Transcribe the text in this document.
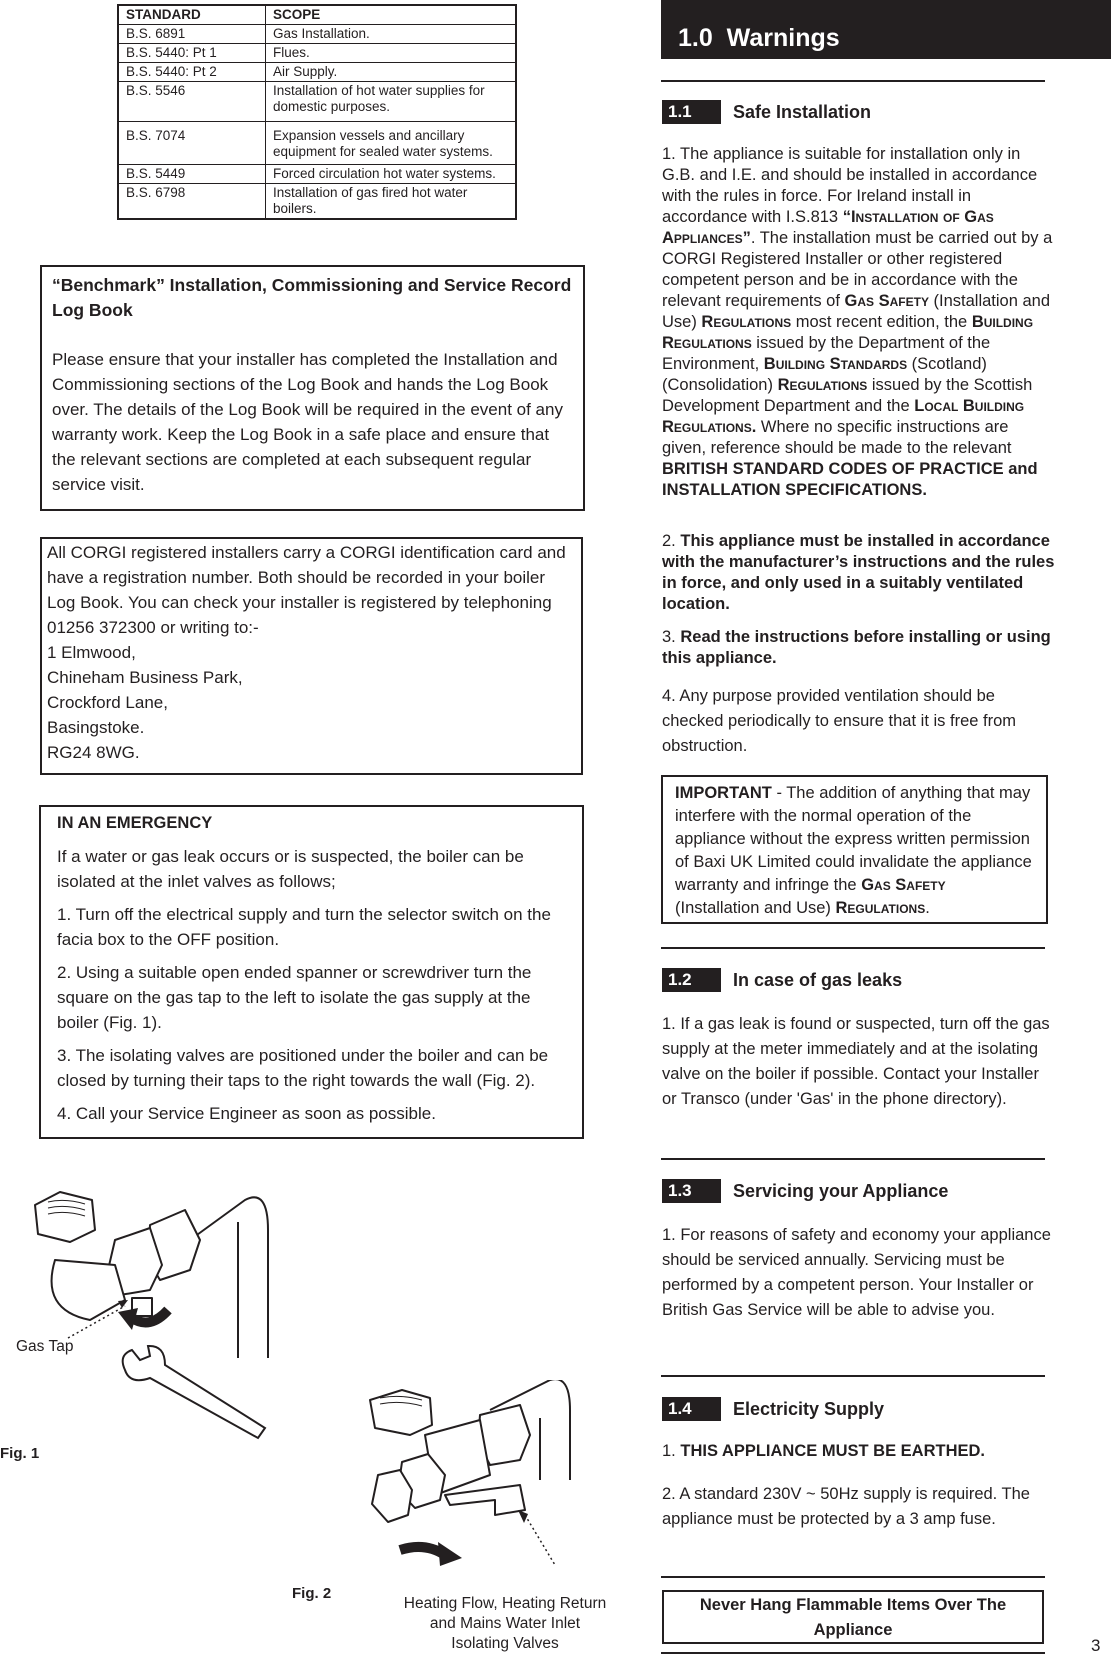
STANDARD	SCOPE
B.S. 6891	Gas Installation.
B.S. 5440: Pt 1	Flues.
B.S. 5440: Pt 2	Air Supply.
B.S. 5546	Installation of hot water supplies for domestic purposes.
B.S. 7074	Expansion vessels and ancillary equipment for sealed water systems.
B.S. 5449	Forced circulation hot water systems.
B.S. 6798	Installation of gas fired hot water boilers.

“Benchmark” Installation, Commissioning and Service Record Log Book

Please ensure that your installer has completed the Installation and Commissioning sections of the Log Book and hands the Log Book over. The details of the Log Book will be required in the event of any warranty work. Keep the Log Book in a safe place and ensure that the relevant sections are completed at each subsequent regular service visit.

All CORGI registered installers carry a CORGI identification card and have a registration number. Both should be recorded in your boiler Log Book. You can check your installer is registered by telephoning 01256 372300 or writing to:-

1 Elmwood,

Chineham Business Park,

Crockford Lane,

Basingstoke.

RG24 8WG.

IN AN EMERGENCY

If a water or gas leak occurs or is suspected, the boiler can be isolated at the inlet valves as follows;

1. Turn off the electrical supply and turn the selector switch on the facia box to the OFF position.

2. Using a suitable open ended spanner or screwdriver turn the square on the gas tap to the left to isolate the gas supply at the boiler (Fig. 1).

3. The isolating valves are positioned under the boiler and can be closed by turning their taps to the right towards the wall (Fig. 2).

4. Call your Service Engineer as soon as possible.

Gas Tap
Fig. 1
Fig. 2
Heating Flow, Heating Return
and Mains Water Inlet
Isolating Valves
1.0 Warnings
1.1	Safe Installation

1. The appliance is suitable for installation only in G.B. and I.E. and should be installed in accordance with the rules in force. For Ireland install in accordance with I.S.813 “Installation of Gas Appliances”. The installation must be carried out by a CORGI Registered Installer or other registered competent person and be in accordance with the relevant requirements of Gas Safety (Installation and Use) Regulations most recent edition, the Building Regulations issued by the Department of the Environment, Building Standards (Scotland) (Consolidation) Regulations issued by the Scottish Development Department and the Local Building Regulations. Where no specific instructions are given, reference should be made to the relevant BRITISH STANDARD CODES OF PRACTICE and INSTALLATION SPECIFICATIONS.

2. This appliance must be installed in accordance with the manufacturer’s instructions and the rules in force, and only used in a suitably ventilated location.

3. Read the instructions before installing or using this appliance.

4. Any purpose provided ventilation should be checked periodically to ensure that it is free from obstruction.

IMPORTANT - The addition of anything that may interfere with the normal operation of the appliance without the express written permission of Baxi UK Limited could invalidate the appliance warranty and infringe the Gas Safety (Installation and Use) Regulations.
1.2	In case of gas leaks

1. If a gas leak is found or suspected, turn off the gas supply at the meter immediately and at the isolating valve on the boiler if possible. Contact your Installer or Transco (under 'Gas' in the phone directory).

1.3	Servicing your Appliance

1. For reasons of safety and economy your appliance should be serviced annually. Servicing must be performed by a competent person. Your Installer or British Gas Service will be able to advise you.

1.4	Electricity Supply

1. THIS APPLIANCE MUST BE EARTHED.

2. A standard 230V ~ 50Hz supply is required. The appliance must be protected by a 3 amp fuse.

Never Hang Flammable Items Over The Appliance
3
